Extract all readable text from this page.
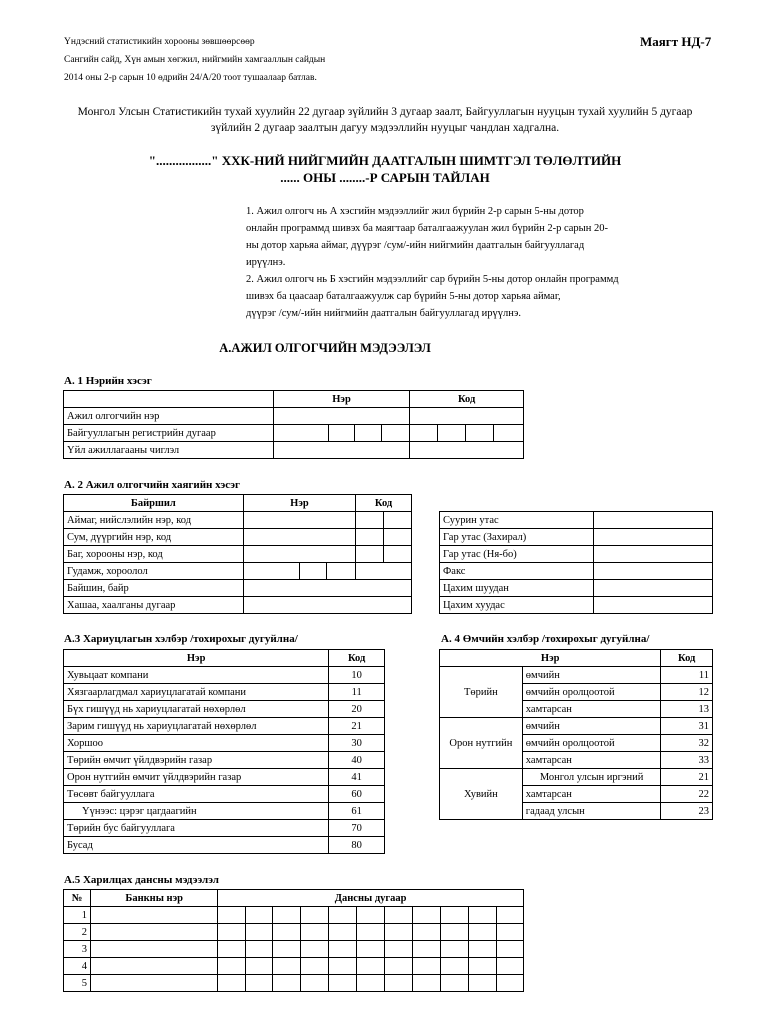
Үндэсний статистикийн хорооны зөвшөөрсөөр
Сангийн сайд, Хүн амын хөгжил, нийгмийн хамгааллын сайдын
2014 оны 2-р сарын 10 өдрийн 24/А/20 тоот тушаалаар батлав.
Маягт НД-7
Монгол Улсын Статистикийн тухай хуулийн 22 дугаар зүйлийн 3 дугаар заалт, Байгууллагын нууцын тухай хуулийн 5 дугаар
зүйлийн 2 дугаар заалтын дагуу мэдээллийн нууцыг чандлан хадгална.
"................." ХХК-НИЙ НИЙГМИЙН ДААТГАЛЫН ШИМТГЭЛ ТӨЛӨЛТИЙН
...... ОНЫ ........-Р САРЫН ТАЙЛАН
1. Ажил олгогч нь А хэсгийн мэдээллийг жил бүрийн 2-р сарын 5-ны дотор
онлайн программд шивэх ба маягтаар баталгаажуулан жил бүрийн 2-р сарын 20-
ны дотор харьяа аймаг, дүүрэг /сум/-ийн нийгмийн даатгалын байгууллагад
ирүүлнэ.
2. Ажил олгогч нь Б хэсгийн мэдээллийг сар бүрийн 5-ны дотор онлайн программд
шивэх ба цаасаар баталгаажуулж сар бүрийн 5-ны дотор харьяа аймаг,
дүүрэг /сум/-ийн нийгмийн даатгалын байгууллагад ирүүлнэ.
А.АЖИЛ ОЛГОГЧИЙН МЭДЭЭЛЭЛ
А. 1 Нэрийн хэсэг
	Нэр				Код			
Ажил олгогчийн нэр								
Байгууллагын регистрийн дугаар								
Үйл ажиллагааны чиглэл								
А. 2 Ажил олгогчийн хаягийн хэсэг
Байршил	Нэр			Код	
Аймаг, нийслэлийн нэр, код					
Сум, дүүргийн нэр, код					
Баг, хорооны нэр, код					
Гудамж, хороолол					
Байшин, байр					
Хашаа, хаалганы дугаар					
Суурин утас	
Гар утас (Захирал)	
Гар утас (Ня-бо)	
Факс	
Цахим шуудан	
Цахим хуудас	
А.3 Хариуцлагын хэлбэр /тохирохыг дугуйлна/
Нэр	Код
Хувьцаат компани	10
Хязгаарлагдмал хариуцлагатай компани	11
Бүх гишүүд нь хариуцлагатай нөхөрлөл	20
Зарим гишүүд нь хариуцлагатай нөхөрлөл	21
Хоршоо	30
Төрийн өмчит үйлдвэрийн газар	40
Орон нутгийн өмчит үйлдвэрийн газар	41
Төсөвт байгууллага	60
Үүнээс: цэрэг цагдаагийн	61
Төрийн бус байгууллага	70
Бусад	80
А. 4 Өмчийн хэлбэр /тохирохыг дугуйлна/
Нэр		Код
Төрийн	өмчийн	11
	өмчийн оролцоотой	12
	хамтарсан	13
Орон нутгийн	өмчийн	31
	өмчийн оролцоотой	32
	хамтарсан	33
Хувийн	Монгол улсын иргэний	21
	хамтарсан	22
	гадаад улсын	23
А.5 Харилцах дансны мэдээлэл
№	Банкны нэр	Дансны дугаар										
1												
2												
3												
4												
5												
